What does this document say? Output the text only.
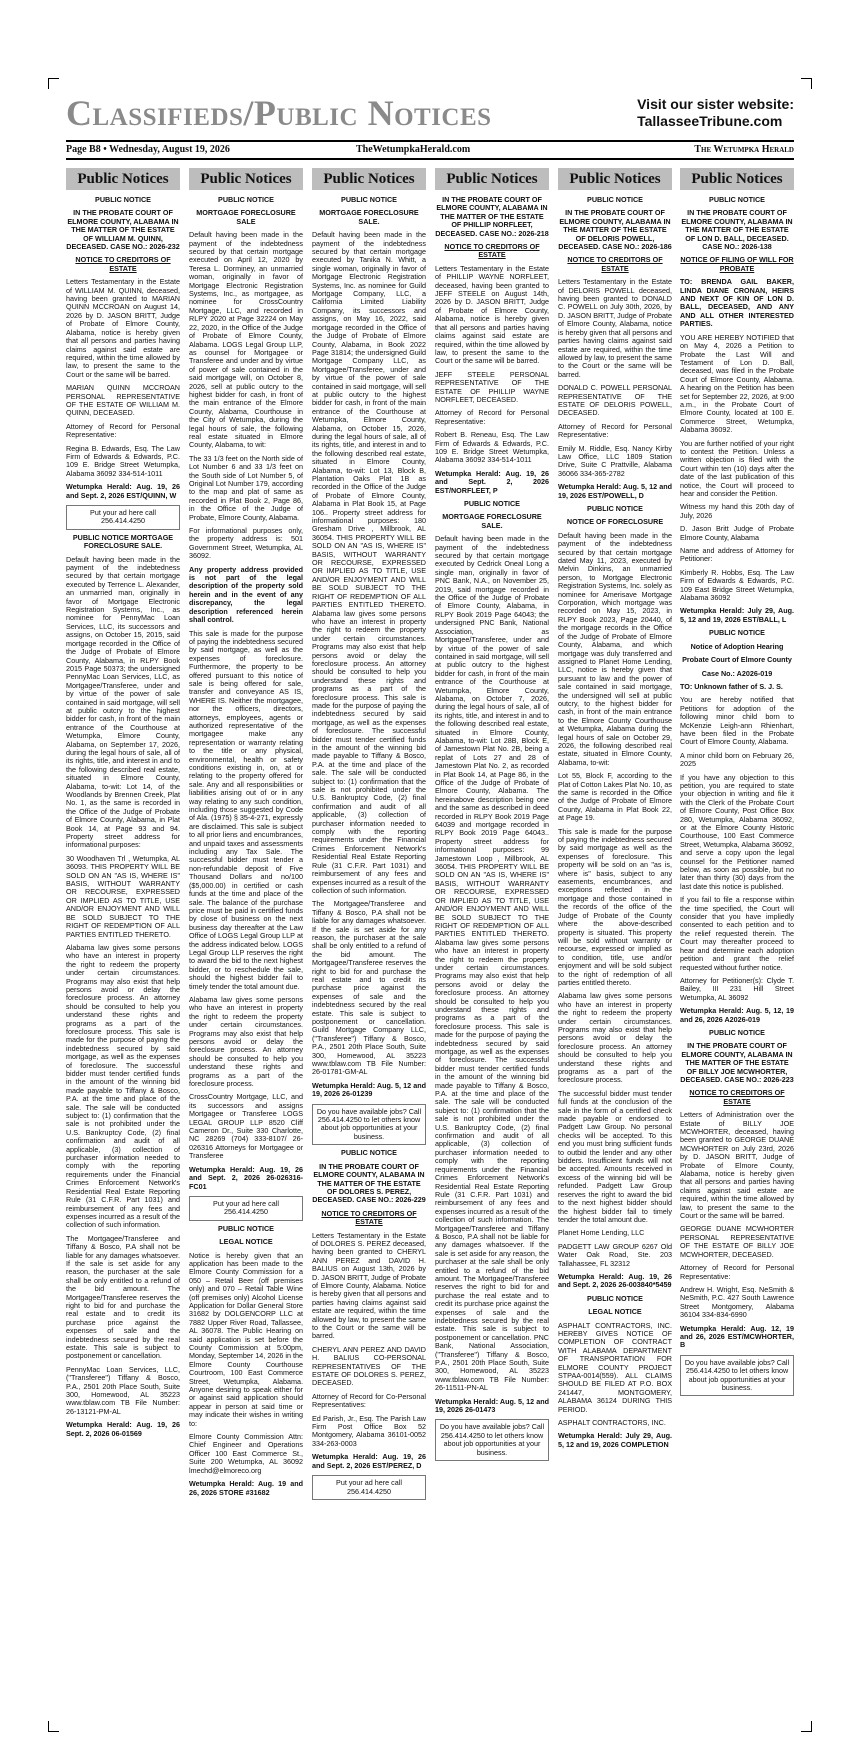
Classifieds/Public Notices	Visit our sister website:
TallasseeTribune.com
Page B8 • Wednesday, August 19, 2026	TheWetumpkaHerald.com	The Wetumpka Herald
Public Notices

PUBLIC NOTICE

IN THE PROBATE COURT OF ELMORE COUNTY, ALABAMA IN THE MATTER OF THE ESTATE OF WILLIAM M. QUINN, DECEASED. CASE NO.: 2026-232

NOTICE TO CREDITORS OF ESTATE

Letters Testamentary in the Estate of WILLIAM M. QUINN, deceased, having been granted to MARIAN QUINN MCCROAN on August 14, 2026 by D. JASON BRITT, Judge of Probate of Elmore County, Alabama, notice is hereby given that all persons and parties having claims against said estate are required, within the time allowed by law, to present the same to the Court or the same will be barred.

MARIAN QUINN MCCROAN PERSONAL REPRESENTATIVE OF THE ESTATE OF WILLIAM M. QUINN, DECEASED.

Attorney of Record for Personal Representative:

Regina B. Edwards, Esq. The Law Firm of Edwards & Edwards, P.C. 109 E. Bridge Street Wetumpka, Alabama 36092 334-514-1011

Wetumpka Herald: Aug. 19, 26 and Sept. 2, 2026 EST/QUINN, W

Put your ad here call 256.414.4250

PUBLIC NOTICE MORTGAGE FORECLOSURE SALE.

Default having been made in the payment of the indebtedness secured by that certain mortgage executed by Terrence L. Alexander, an unmarried man, originally in favor of Mortgage Electronic Registration Systems, Inc., as nominee for PennyMac Loan Services, LLC, its successors and assigns, on October 15, 2015, said mortgage recorded in the Office of the Judge of Probate of Elmore County, Alabama, in RLPY Book 2015 Page 50373; the undersigned PennyMac Loan Services, LLC, as Mortgagee/Transferee, under and by virtue of the power of sale contained in said mortgage, will sell at public outcry to the highest bidder for cash, in front of the main entrance of the Courthouse at Wetumpka, Elmore County, Alabama, on September 17, 2026, during the legal hours of sale, all of its rights, title, and interest in and to the following described real estate, situated in Elmore County, Alabama, to-wit: Lot 14, of the Woodlands by Brennen Creek, Plat No. 1, as the same is recorded in the Office of the Judge of Probate of Elmore County, Alabama, in Plat Book 14, at Page 93 and 94. Property street address for informational purposes:

30 Woodhaven Trl , Wetumpka, AL 36093. THIS PROPERTY WILL BE SOLD ON AN "AS IS, WHERE IS" BASIS, WITHOUT WARRANTY OR RECOURSE, EXPRESSED OR IMPLIED AS TO TITLE, USE AND/OR ENJOYMENT AND WILL BE SOLD SUBJECT TO THE RIGHT OF REDEMPTION OF ALL PARTIES ENTITLED THERETO.

Alabama law gives some persons who have an interest in property the right to redeem the property under certain circumstances. Programs may also exist that help persons avoid or delay the foreclosure process. An attorney should be consulted to help you understand these rights and programs as a part of the foreclosure process. This sale is made for the purpose of paying the indebtedness secured by said mortgage, as well as the expenses of foreclosure. The successful bidder must tender certified funds in the amount of the winning bid made payable to Tiffany & Bosco, P.A. at the time and place of the sale. The sale will be conducted subject to: (1) confirmation that the sale is not prohibited under the U.S. Bankruptcy Code, (2) final confirmation and audit of all applicable, (3) collection of purchaser information needed to comply with the reporting requirements under the Financial Crimes Enforcement Network's Residential Real Estate Reporting Rule (31 C.F.R. Part 1031) and reimbursement of any fees and expenses incurred as a result of the collection of such information.

The Mortgagee/Transferee and Tiffany & Bosco, P.A shall not be liable for any damages whatsoever. If the sale is set aside for any reason, the purchaser at the sale shall be only entitled to a refund of the bid amount. The Mortgagee/Transferee reserves the right to bid for and purchase the real estate and to credit its purchase price against the expenses of sale and the indebtedness secured by the real estate. This sale is subject to postponement or cancellation.

PennyMac Loan Services, LLC, ("Transferee") Tiffany & Bosco, P.A., 2501 20th Place South, Suite 300, Homewood, AL 35223 www.tblaw.com TB File Number: 26-13121-PM-AL

Wetumpka Herald: Aug. 19, 26 Sept. 2, 2026 06-01569

Public Notices

PUBLIC NOTICE

MORTGAGE FORECLOSURE SALE

Default having been made in the payment of the indebtedness secured by that certain mortgage executed on April 12, 2020 by Teresa L. Dorminey, an unmarried woman, originally in favor of Mortgage Electronic Registration Systems, Inc., as mortgagee, as nominee for CrossCountry Mortgage, LLC, and recorded in RLPY 2020 at Page 32224 on May 22, 2020, in the Office of the Judge of Probate of Elmore County, Alabama. LOGS Legal Group LLP, as counsel for Mortgagee or Transferee and under and by virtue of power of sale contained in the said mortgage will, on October 8, 2026, sell at public outcry to the highest bidder for cash, in front of the main entrance of the Elmore County, Alabama, Courthouse in the City of Wetumpka, during the legal hours of sale, the following real estate situated in Elmore County, Alabama, to wit:

The 33 1/3 feet on the North side of Lot Number 6 and 33 1/3 feet on the South side of Lot Number 5, of Original Lot Number 179, according to the map and plat of same as recorded in Plat Book 2, Page 86, in the Office of the Judge of Probate, Elmore County, Alabama.

For informational purposes only, the property address is: 501 Government Street, Wetumpka, AL 36092.

Any property address provided is not part of the legal description of the property sold herein and in the event of any discrepancy, the legal description referenced herein shall control.

This sale is made for the purpose of paying the indebtedness secured by said mortgage, as well as the expenses of foreclosure. Furthermore, the property to be offered pursuant to this notice of sale is being offered for sale, transfer and conveyance AS IS, WHERE IS. Neither the mortgagee, nor the officers, directors, attorneys, employees, agents or authorized representative of the mortgagee make any representation or warranty relating to the title or any physical, environmental, health or safety conditions existing in, on, at or relating to the property offered for sale. Any and all responsibilities or liabilities arising out of or in any way relating to any such condition, including those suggested by Code of Ala. (1975) § 35-4-271, expressly are disclaimed. This sale is subject to all prior liens and encumbrances, and unpaid taxes and assessments including any Tax Sale. The successful bidder must tender a non-refundable deposit of Five Thousand Dollars and no/100 ($5,000.00) in certified or cash funds at the time and place of the sale. The balance of the purchase price must be paid in certified funds by close of business on the next business day thereafter at the Law Office of LOGS Legal Group LLP at the address indicated below. LOGS Legal Group LLP reserves the right to award the bid to the next highest bidder, or to reschedule the sale, should the highest bidder fail to timely tender the total amount due.

Alabama law gives some persons who have an interest in property the right to redeem the property under certain circumstances. Programs may also exist that help persons avoid or delay the foreclosure process. An attorney should be consulted to help you understand these rights and programs as a part of the foreclosure process.

CrossCountry Mortgage, LLC, and its successors and assigns Mortgagee or Transferee LOGS LEGAL GROUP LLP 8520 Cliff Cameron Dr., Suite 330 Charlotte, NC 28269 (704) 333-8107/ 26-026316 Attorneys for Mortgagee or Transferee

Wetumpka Herald: Aug. 19, 26 and Sept. 2, 2026 26-026316-FC01

Put your ad here call 256.414.4250

PUBLIC NOTICE

LEGAL NOTICE

Notice is hereby given that an application has been made to the Elmore County Commission for a 050 – Retail Beer (off premises only) and 070 – Retail Table Wine (off premises only) Alcohol License Application for Dollar General Store 31682 by DOLGENCORP LLC at 7882 Upper River Road, Tallassee, AL 36078. The Public Hearing on said application is set before the County Commission at 5:00pm, Monday, September 14, 2026 in the Elmore County Courthouse Courtroom, 100 East Commerce Street, Wetumpka, Alabama. Anyone desiring to speak either for or against said application should appear in person at said time or may indicate their wishes in writing to:

Elmore County Commission Attn: Chief Engineer and Operations Officer 100 East Commerce St., Suite 200 Wetumpka, AL 36092 lmechd@elmoreco.org

Wetumpka Herald: Aug. 19 and 26, 2026 STORE #31682

Public Notices

PUBLIC NOTICE

MORTGAGE FORECLOSURE SALE.

Default having been made in the payment of the indebtedness secured by that certain mortgage executed by Tanika N. Whitt, a single woman, originally in favor of Mortgage Electronic Registration Systems, Inc. as nominee for Guild Mortgage Company, LLC, a California Limited Liability Company, its successors and assigns, on May 16, 2022, said mortgage recorded in the Office of the Judge of Probate of Elmore County, Alabama, in Book 2022 Page 31814; the undersigned Guild Mortgage Company LLC, as Mortgagee/Transferee, under and by virtue of the power of sale contained in said mortgage, will sell at public outcry to the highest bidder for cash, in front of the main entrance of the Courthouse at Wetumpka, Elmore County, Alabama, on October 15, 2026, during the legal hours of sale, all of its rights, title, and interest in and to the following described real estate, situated in Elmore County, Alabama, to-wit: Lot 13, Block B, Plantation Oaks Plat 1B as recorded in the Office of the Judge of Probate of Elmore County, Alabama in Plat Book 15, at Page 106.. Property street address for informational purposes: 180 Gresham Drive , Millbrook, AL 36054. THIS PROPERTY WILL BE SOLD ON AN "AS IS, WHERE IS" BASIS, WITHOUT WARRANTY OR RECOURSE, EXPRESSED OR IMPLIED AS TO TITLE, USE AND/OR ENJOYMENT AND WILL BE SOLD SUBJECT TO THE RIGHT OF REDEMPTION OF ALL PARTIES ENTITLED THERETO. Alabama law gives some persons who have an interest in property the right to redeem the property under certain circumstances. Programs may also exist that help persons avoid or delay the foreclosure process. An attorney should be consulted to help you understand these rights and programs as a part of the foreclosure process. This sale is made for the purpose of paying the indebtedness secured by said mortgage, as well as the expenses of foreclosure. The successful bidder must tender certified funds in the amount of the winning bid made payable to Tiffany & Bosco, P.A. at the time and place of the sale. The sale will be conducted subject to: (1) confirmation that the sale is not prohibited under the U.S. Bankruptcy Code, (2) final confirmation and audit of all applicable, (3) collection of purchaser information needed to comply with the reporting requirements under the Financial Crimes Enforcement Network's Residential Real Estate Reporting Rule (31 C.F.R. Part 1031) and reimbursement of any fees and expenses incurred as a result of the collection of such information.

The Mortgagee/Transferee and Tiffany & Bosco, P.A shall not be liable for any damages whatsoever. If the sale is set aside for any reason, the purchaser at the sale shall be only entitled to a refund of the bid amount. The Mortgagee/Transferee reserves the right to bid for and purchase the real estate and to credit its purchase price against the expenses of sale and the indebtedness secured by the real estate. This sale is subject to postponement or cancellation. Guild Mortgage Company LLC, ("Transferee") Tiffany & Bosco, P.A., 2501 20th Place South, Suite 300, Homewood, AL 35223 www.tblaw.com TB File Number: 26-01781-GM-AL

Wetumpka Herald: Aug. 5, 12 and 19, 2026 26-01239

Do you have available jobs? Call 256.414.4250 to let others know about job opportunities at your business.

PUBLIC NOTICE

IN THE PROBATE COURT OF ELMORE COUNTY, ALABAMA IN THE MATTER OF THE ESTATE OF DOLORES S. PEREZ, DECEASED. CASE NO.: 2026-229

NOTICE TO CREDITORS OF ESTATE

Letters Testamentary in the Estate of DOLORES S. PEREZ deceased, having been granted to CHERYL ANN PEREZ and DAVID H. BALIUS on August 13th, 2026 by D. JASON BRITT, Judge of Probate of Elmore County, Alabama. Notice is hereby given that all persons and parties having claims against said estate are required, within the time allowed by law, to present the same to the Court or the same will be barred.

CHERYL ANN PEREZ AND DAVID H. BALIUS CO-PERSONAL REPRESENTATIVES OF THE ESTATE OF DOLORES S. PEREZ, DECEASED.

Attorney of Record for Co-Personal Representatives:

Ed Parish, Jr., Esq. The Parish Law Firm Post Office Box 52 Montgomery, Alabama 36101-0052 334-263-0003

Wetumpka Herald: Aug. 19, 26 and Sept. 2, 2026 EST/PEREZ, D

Put your ad here call 256.414.4250
Public Notices

IN THE PROBATE COURT OF ELMORE COUNTY, ALABAMA IN THE MATTER OF THE ESTATE OF PHILLIP NORFLEET, DECEASED. CASE NO.: 2026-218

NOTICE TO CREDITORS OF ESTATE

Letters Testamentary in the Estate of PHILLIP WAYNE NORFLEET, deceased, having been granted to JEFF STEELE on August 14th, 2026 by D. JASON BRITT, Judge of Probate of Elmore County, Alabama, notice is hereby given that all persons and parties having claims against said estate are required, within the time allowed by law, to present the same to the Court or the same will be barred.

JEFF STEELE PERSONAL REPRESENTATIVE OF THE ESTATE OF PHILLIP WAYNE NORFLEET, DECEASED.

Attorney of Record for Personal Representative:

Robert B. Reneau, Esq. The Law Firm of Edwards & Edwards, P.C. 109 E. Bridge Street Wetumpka, Alabama 36092 334-514-1011

Wetumpka Herald: Aug. 19, 26 and Sept. 2, 2026 EST/NORFLEET, P

PUBLIC NOTICE

MORTGAGE FORECLOSURE SALE.

Default having been made in the payment of the indebtedness secured by that certain mortgage executed by Cedrick Oneal Long a single man, originally in favor of PNC Bank, N.A., on November 25, 2019, said mortgage recorded in the Office of the Judge of Probate of Elmore County, Alabama, in RLPY Book 2019 Page 64043; the undersigned PNC Bank, National Association, as Mortgagee/Transferee, under and by virtue of the power of sale contained in said mortgage, will sell at public outcry to the highest bidder for cash, in front of the main entrance of the Courthouse at Wetumpka, Elmore County, Alabama, on October 7, 2026, during the legal hours of sale, all of its rights, title, and interest in and to the following described real estate, situated in Elmore County, Alabama, to-wit: Lot 28B, Block E, of Jamestown Plat No. 2B, being a replat of Lots 27 and 28 of Jamestown Plat No. 2, as recorded in Plat Book 14, at Page 86, in the Office of the Judge of Probate of Elmore County, Alabama. The hereinabove description being one and the same as described in deed recorded in RLPY Book 2019 Page 64039 and mortgage recorded in RLPY Book 2019 Page 64043.. Property street address for informational purposes: 99 Jamestown Loop , Millbrook, AL 36054. THIS PROPERTY WILL BE SOLD ON AN "AS IS, WHERE IS" BASIS, WITHOUT WARRANTY OR RECOURSE, EXPRESSED OR IMPLIED AS TO TITLE, USE AND/OR ENJOYMENT AND WILL BE SOLD SUBJECT TO THE RIGHT OF REDEMPTION OF ALL PARTIES ENTITLED THERETO. Alabama law gives some persons who have an interest in property the right to redeem the property under certain circumstances. Programs may also exist that help persons avoid or delay the foreclosure process. An attorney should be consulted to help you understand these rights and programs as a part of the foreclosure process. This sale is made for the purpose of paying the indebtedness secured by said mortgage, as well as the expenses of foreclosure. The successful bidder must tender certified funds in the amount of the winning bid made payable to Tiffany & Bosco, P.A. at the time and place of the sale. The sale will be conducted subject to: (1) confirmation that the sale is not prohibited under the U.S. Bankruptcy Code, (2) final confirmation and audit of all applicable, (3) collection of purchaser information needed to comply with the reporting requirements under the Financial Crimes Enforcement Network's Residential Real Estate Reporting Rule (31 C.F.R. Part 1031) and reimbursement of any fees and expenses incurred as a result of the collection of such information. The Mortgagee/Transferee and Tiffany & Bosco, P.A shall not be liable for any damages whatsoever. If the sale is set aside for any reason, the purchaser at the sale shall be only entitled to a refund of the bid amount. The Mortgagee/Transferee reserves the right to bid for and purchase the real estate and to credit its purchase price against the expenses of sale and the indebtedness secured by the real estate. This sale is subject to postponement or cancellation. PNC Bank, National Association, ("Transferee") Tiffany & Bosco, P.A., 2501 20th Place South, Suite 300, Homewood, AL 35223 www.tblaw.com TB File Number: 26-11511-PN-AL

Wetumpka Herald: Aug. 5, 12 and 19, 2026 26-01473

Do you have available jobs? Call 256.414.4250 to let others know about job opportunities at your business.
Public Notices

PUBLIC NOTICE

IN THE PROBATE COURT OF ELMORE COUNTY, ALABAMA IN THE MATTER OF THE ESTATE OF DELORIS POWELL, DECEASED. CASE NO.: 2026-186

NOTICE TO CREDITORS OF ESTATE

Letters Testamentary in the Estate of DELORIS POWELL deceased, having been granted to DONALD C. POWELL on July 30th, 2026, by D. JASON BRITT, Judge of Probate of Elmore County, Alabama, notice is hereby given that all persons and parties having claims against said estate are required, within the time allowed by law, to present the same to the Court or the same will be barred.

DONALD C. POWELL PERSONAL REPRESENTATIVE OF THE ESTATE OF DELORIS POWELL, DECEASED.

Attorney of Record for Personal Representative:

Emily M. Riddle, Esq. Nancy Kirby Law Office, LLC 1809 Station Drive, Suite C Prattville, Alabama 36066 334-365-2782

Wetumpka Herald: Aug. 5, 12 and 19, 2026 EST/POWELL, D

PUBLIC NOTICE

NOTICE OF FORECLOSURE

Default having been made in the payment of the indebtedness secured by that certain mortgage dated May 11, 2023, executed by Melvin Dinkins, an unmarried person, to Mortgage Electronic Registration Systems, Inc. solely as nominee for Amerisave Mortgage Corporation, which mortgage was recorded on May 15, 2023, in RLPY Book 2023, Page 20440, of the mortgage records in the Office of the Judge of Probate of Elmore County, Alabama, and which mortgage was duly transferred and assigned to Planet Home Lending, LLC, notice is hereby given that pursuant to law and the power of sale contained in said mortgage, the undersigned will sell at public outcry, to the highest bidder for cash, in front of the main entrance to the Elmore County Courthouse at Wetumpka, Alabama during the legal hours of sale on October 29, 2026, the following described real estate, situated in Elmore County, Alabama, to-wit:

Lot 55, Block F, according to the Plat of Cotton Lakes Plat No. 10, as the same is recorded in the Office of the Judge of Probate of Elmore County, Alabama in Plat Book 22, at Page 19.

This sale is made for the purpose of paying the indebtedness secured by said mortgage as well as the expenses of foreclosure. This property will be sold on an "as is, where is" basis, subject to any easements, encumbrances, and exceptions reflected in the mortgage and those contained in the records of the office of the Judge of Probate of the County where the above-described property is situated. This property will be sold without warranty or recourse, expressed or implied as to condition, title, use and/or enjoyment and will be sold subject to the right of redemption of all parties entitled thereto.

Alabama law gives some persons who have an interest in property the right to redeem the property under certain circumstances. Programs may also exist that help persons avoid or delay the foreclosure process. An attorney should be consulted to help you understand these rights and programs as a part of the foreclosure process.

The successful bidder must tender full funds at the conclusion of the sale in the form of a certified check made payable or endorsed to Padgett Law Group. No personal checks will be accepted. To this end you must bring sufficient funds to outbid the lender and any other bidders. Insufficient funds will not be accepted. Amounts received in excess of the winning bid will be refunded. Padgett Law Group reserves the right to award the bid to the next highest bidder should the highest bidder fail to timely tender the total amount due.

Planet Home Lending, LLC

PADGETT LAW GROUP 6267 Old Water Oak Road, Ste. 203 Tallahassee, FL 32312

Wetumpka Herald: Aug. 19, 26 and Sept. 2, 2026 26-003840*5459

PUBLIC NOTICE

LEGAL NOTICE

ASPHALT CONTRACTORS, INC. HEREBY GIVES NOTICE OF COMPLETION OF CONTRACT WITH ALABAMA DEPARTMENT OF TRANSPORTATION FOR ELMORE COUNTY PROJECT STPAA-0014(559). ALL CLAIMS SHOULD BE FILED AT P.O. BOX 241447, MONTGOMERY, ALABAMA 36124 DURING THIS PERIOD.

ASPHALT CONTRACTORS, INC.

Wetumpka Herald: July 29, Aug. 5, 12 and 19, 2026 COMPLETION

Public Notices

PUBLIC NOTICE

IN THE PROBATE COURT OF ELMORE COUNTY, ALABAMA IN THE MATTER OF THE ESTATE OF LON D. BALL, DECEASED. CASE NO.: 2026-138

NOTICE OF FILING OF WILL FOR PROBATE

TO: BRENDA GAIL BAKER, LINDA DIANE CRONAN, HEIRS AND NEXT OF KIN OF LON D. BALL, DECEASED, AND ANY AND ALL OTHER INTERESTED PARTIES.

YOU ARE HEREBY NOTIFIED that on May 4, 2026 a Petition to Probate the Last Will and Testament of Lon D. Ball, deceased, was filed in the Probate Court of Elmore County, Alabama. A hearing on the Petition has been set for September 22, 2026, at 9:00 a.m., in the Probate Court of Elmore County, located at 100 E. Commerce Street, Wetumpka, Alabama 36092.

You are further notified of your right to contest the Petition. Unless a written objection is filed with the Court within ten (10) days after the date of the last publication of this notice, the Court will proceed to hear and consider the Petition.

Witness my hand this 20th day of July, 2026

D. Jason Britt Judge of Probate Elmore County, Alabama

Name and address of Attorney for Petitioner:

Kimberly R. Hobbs, Esq. The Law Firm of Edwards & Edwards, P.C. 109 East Bridge Street Wetumpka, Alabama 36092

Wetumpka Herald: July 29, Aug. 5, 12 and 19, 2026 EST/BALL, L

PUBLIC NOTICE

Notice of Adoption Hearing

Probate Court of Elmore County

Case No.: A2026-019

TO: Unknown father of S. J. S.

You are hereby notified that Petitions for adoption of the following minor child born to McKenzie Leigh-ann Rhienhart, have been filed in the Probate Court of Elmore County, Alabama.

A minor child born on February 26, 2025

If you have any objection to this petition, you are required to state your objection in writing and file it with the Clerk of the Probate Court of Elmore County, Post Office Box 280, Wetumpka, Alabama 36092, or at the Elmore County Historic Courthouse, 100 East Commerce Street, Wetumpka, Alabama 36092, and serve a copy upon the legal counsel for the Petitioner named below, as soon as possible, but no later than thirty (30) days from the last date this notice is published.

If you fail to file a response within the time specified, the Court will consider that you have impliedly consented to each petition and to the relief requested therein. The Court may thereafter proceed to hear and determine each adoption petition and grant the relief requested without further notice.

Attorney for Petitioner(s): Clyde T. Bailey, III 231 Hill Street Wetumpka, AL 36092

Wetumpka Herald: Aug. 5, 12, 19 and 26, 2026 A2026-019

PUBLIC NOTICE

IN THE PROBATE COURT OF ELMORE COUNTY, ALABAMA IN THE MATTER OF THE ESTATE OF BILLY JOE MCWHORTER, DECEASED. CASE NO.: 2026-223

NOTICE TO CREDITORS OF ESTATE

Letters of Administration over the Estate of BILLY JOE MCWHORTER, deceased, having been granted to GEORGE DUANE MCWHORTER on July 23rd, 2026 by D. JASON BRITT, Judge of Probate of Elmore County, Alabama, notice is hereby given that all persons and parties having claims against said estate are required, within the time allowed by law, to present the same to the Court or the same will be barred.

GEORGE DUANE MCWHORTER PERSONAL REPRESENTATIVE OF THE ESTATE OF BILLY JOE MCWHORTER, DECEASED.

Attorney of Record for Personal Representative:

Andrew H. Wright, Esq. NeSmith & NeSmith, P.C. 427 South Lawrence Street Montgomery, Alabama 36104 334-834-6990

Wetumpka Herald: Aug. 12, 19 and 26, 2026 EST/MCWHORTER, B

Do you have available jobs? Call 256.414.4250 to let others know about job opportunities at your business.
